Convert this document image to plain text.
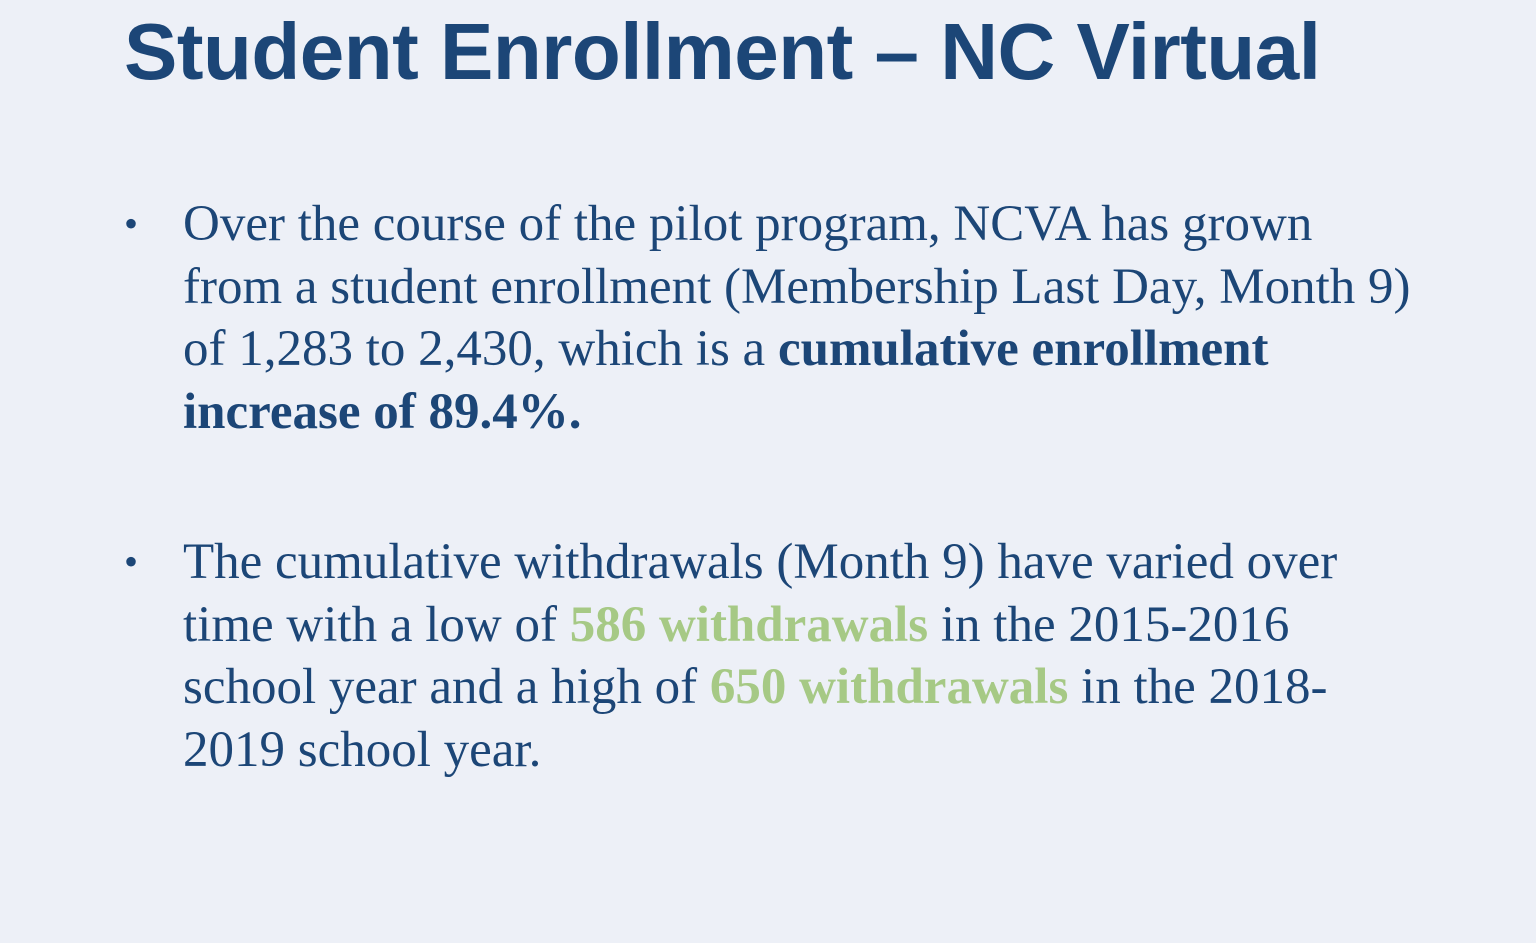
Student Enrollment – NC Virtual
• Over the course of the pilot program, NCVA has grown from a student enrollment (Membership Last Day, Month 9) of 1,283 to 2,430, which is a cumulative enrollment increase of 89.4%.
• The cumulative withdrawals (Month 9) have varied over time with a low of 586 withdrawals in the 2015-2016 school year and a high of 650 withdrawals in the 2018-2019 school year.
